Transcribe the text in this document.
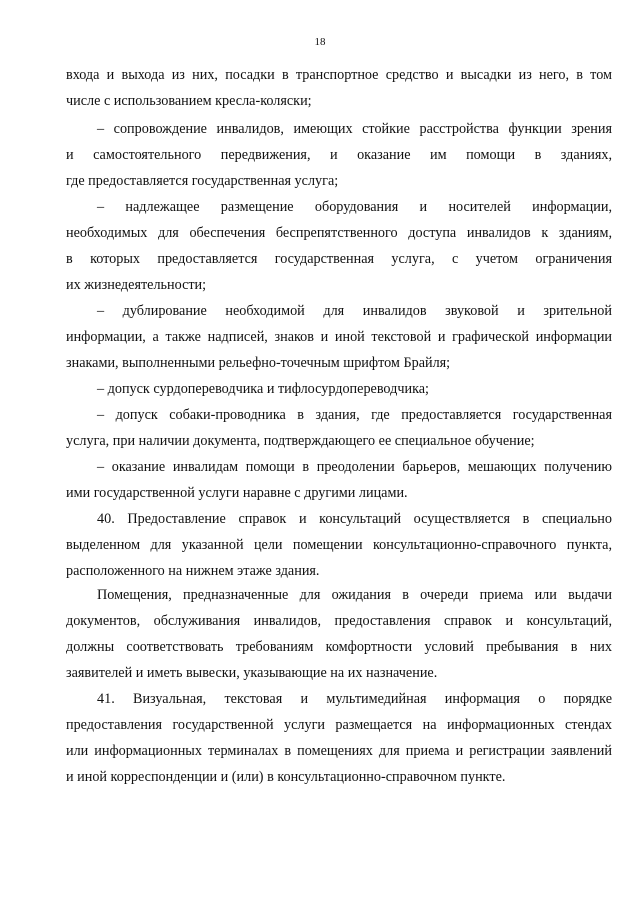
18
входа и выхода из них, посадки в транспортное средство и высадки из него, в том
числе с использованием кресла-коляски;
– сопровождение инвалидов, имеющих стойкие расстройства функции зрения
и самостоятельного передвижения, и оказание им помощи в зданиях,
где предоставляется государственная услуга;
– надлежащее размещение оборудования и носителей информации,
необходимых для обеспечения беспрепятственного доступа инвалидов к зданиям,
в которых предоставляется государственная услуга, с учетом ограничения
их жизнедеятельности;
– дублирование необходимой для инвалидов звуковой и зрительной
информации, а также надписей, знаков и иной текстовой и графической информации
знаками, выполненными рельефно-точечным шрифтом Брайля;
– допуск сурдопереводчика и тифлосурдопереводчика;
– допуск собаки-проводника в здания, где предоставляется государственная
услуга, при наличии документа, подтверждающего ее специальное обучение;
– оказание инвалидам помощи в преодолении барьеров, мешающих получению
ими государственной услуги наравне с другими лицами.
40. Предоставление справок и консультаций осуществляется в специально
выделенном для указанной цели помещении консультационно-справочного пункта,
расположенного на нижнем этаже здания.
Помещения, предназначенные для ожидания в очереди приема или выдачи
документов, обслуживания инвалидов, предоставления справок и консультаций,
должны соответствовать требованиям комфортности условий пребывания в них
заявителей и иметь вывески, указывающие на их назначение.
41. Визуальная, текстовая и мультимедийная информация о порядке
предоставления государственной услуги размещается на информационных стендах
или информационных терминалах в помещениях для приема и регистрации заявлений
и иной корреспонденции и (или) в консультационно-справочном пункте.
